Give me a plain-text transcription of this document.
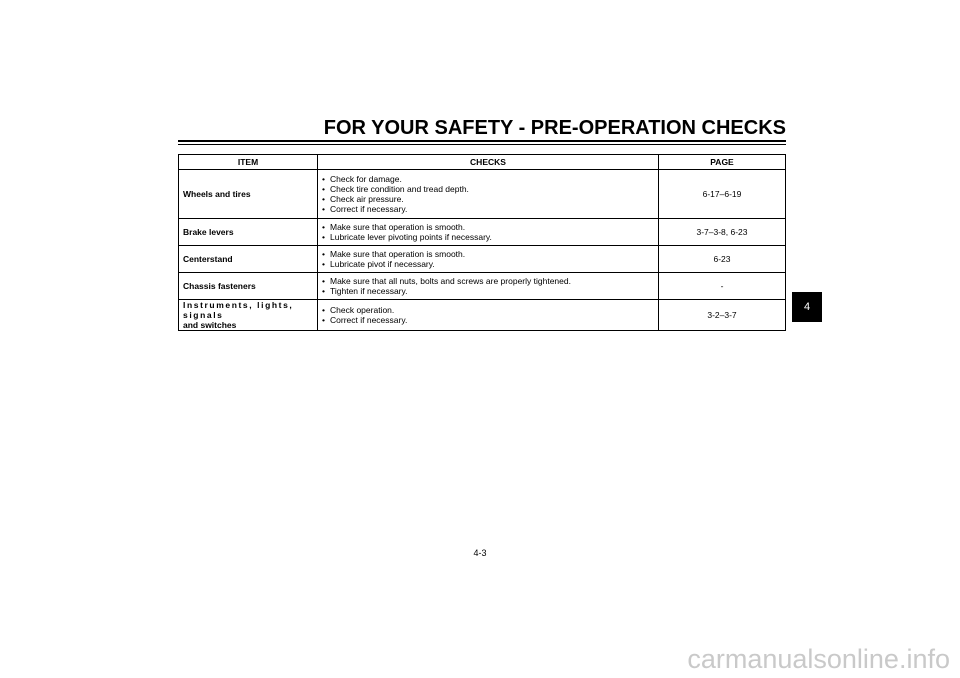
FOR YOUR SAFETY - PRE-OPERATION CHECKS
ITEM	CHECKS	PAGE
Wheels and tires	• Check for damage.
• Check tire condition and tread depth.
• Check air pressure.
• Correct if necessary.	6-17–6-19
Brake levers	• Make sure that operation is smooth.
• Lubricate lever pivoting points if necessary.	3-7–3-8, 6-23
Centerstand	• Make sure that operation is smooth.
• Lubricate pivot if necessary.	6-23
Chassis fasteners	• Make sure that all nuts, bolts and screws are properly tightened.
• Tighten if necessary.	-
Instruments, lights, signals
and switches	• Check operation.
• Correct if necessary.	3-2–3-7
4
4-3
carmanualsonline.info
